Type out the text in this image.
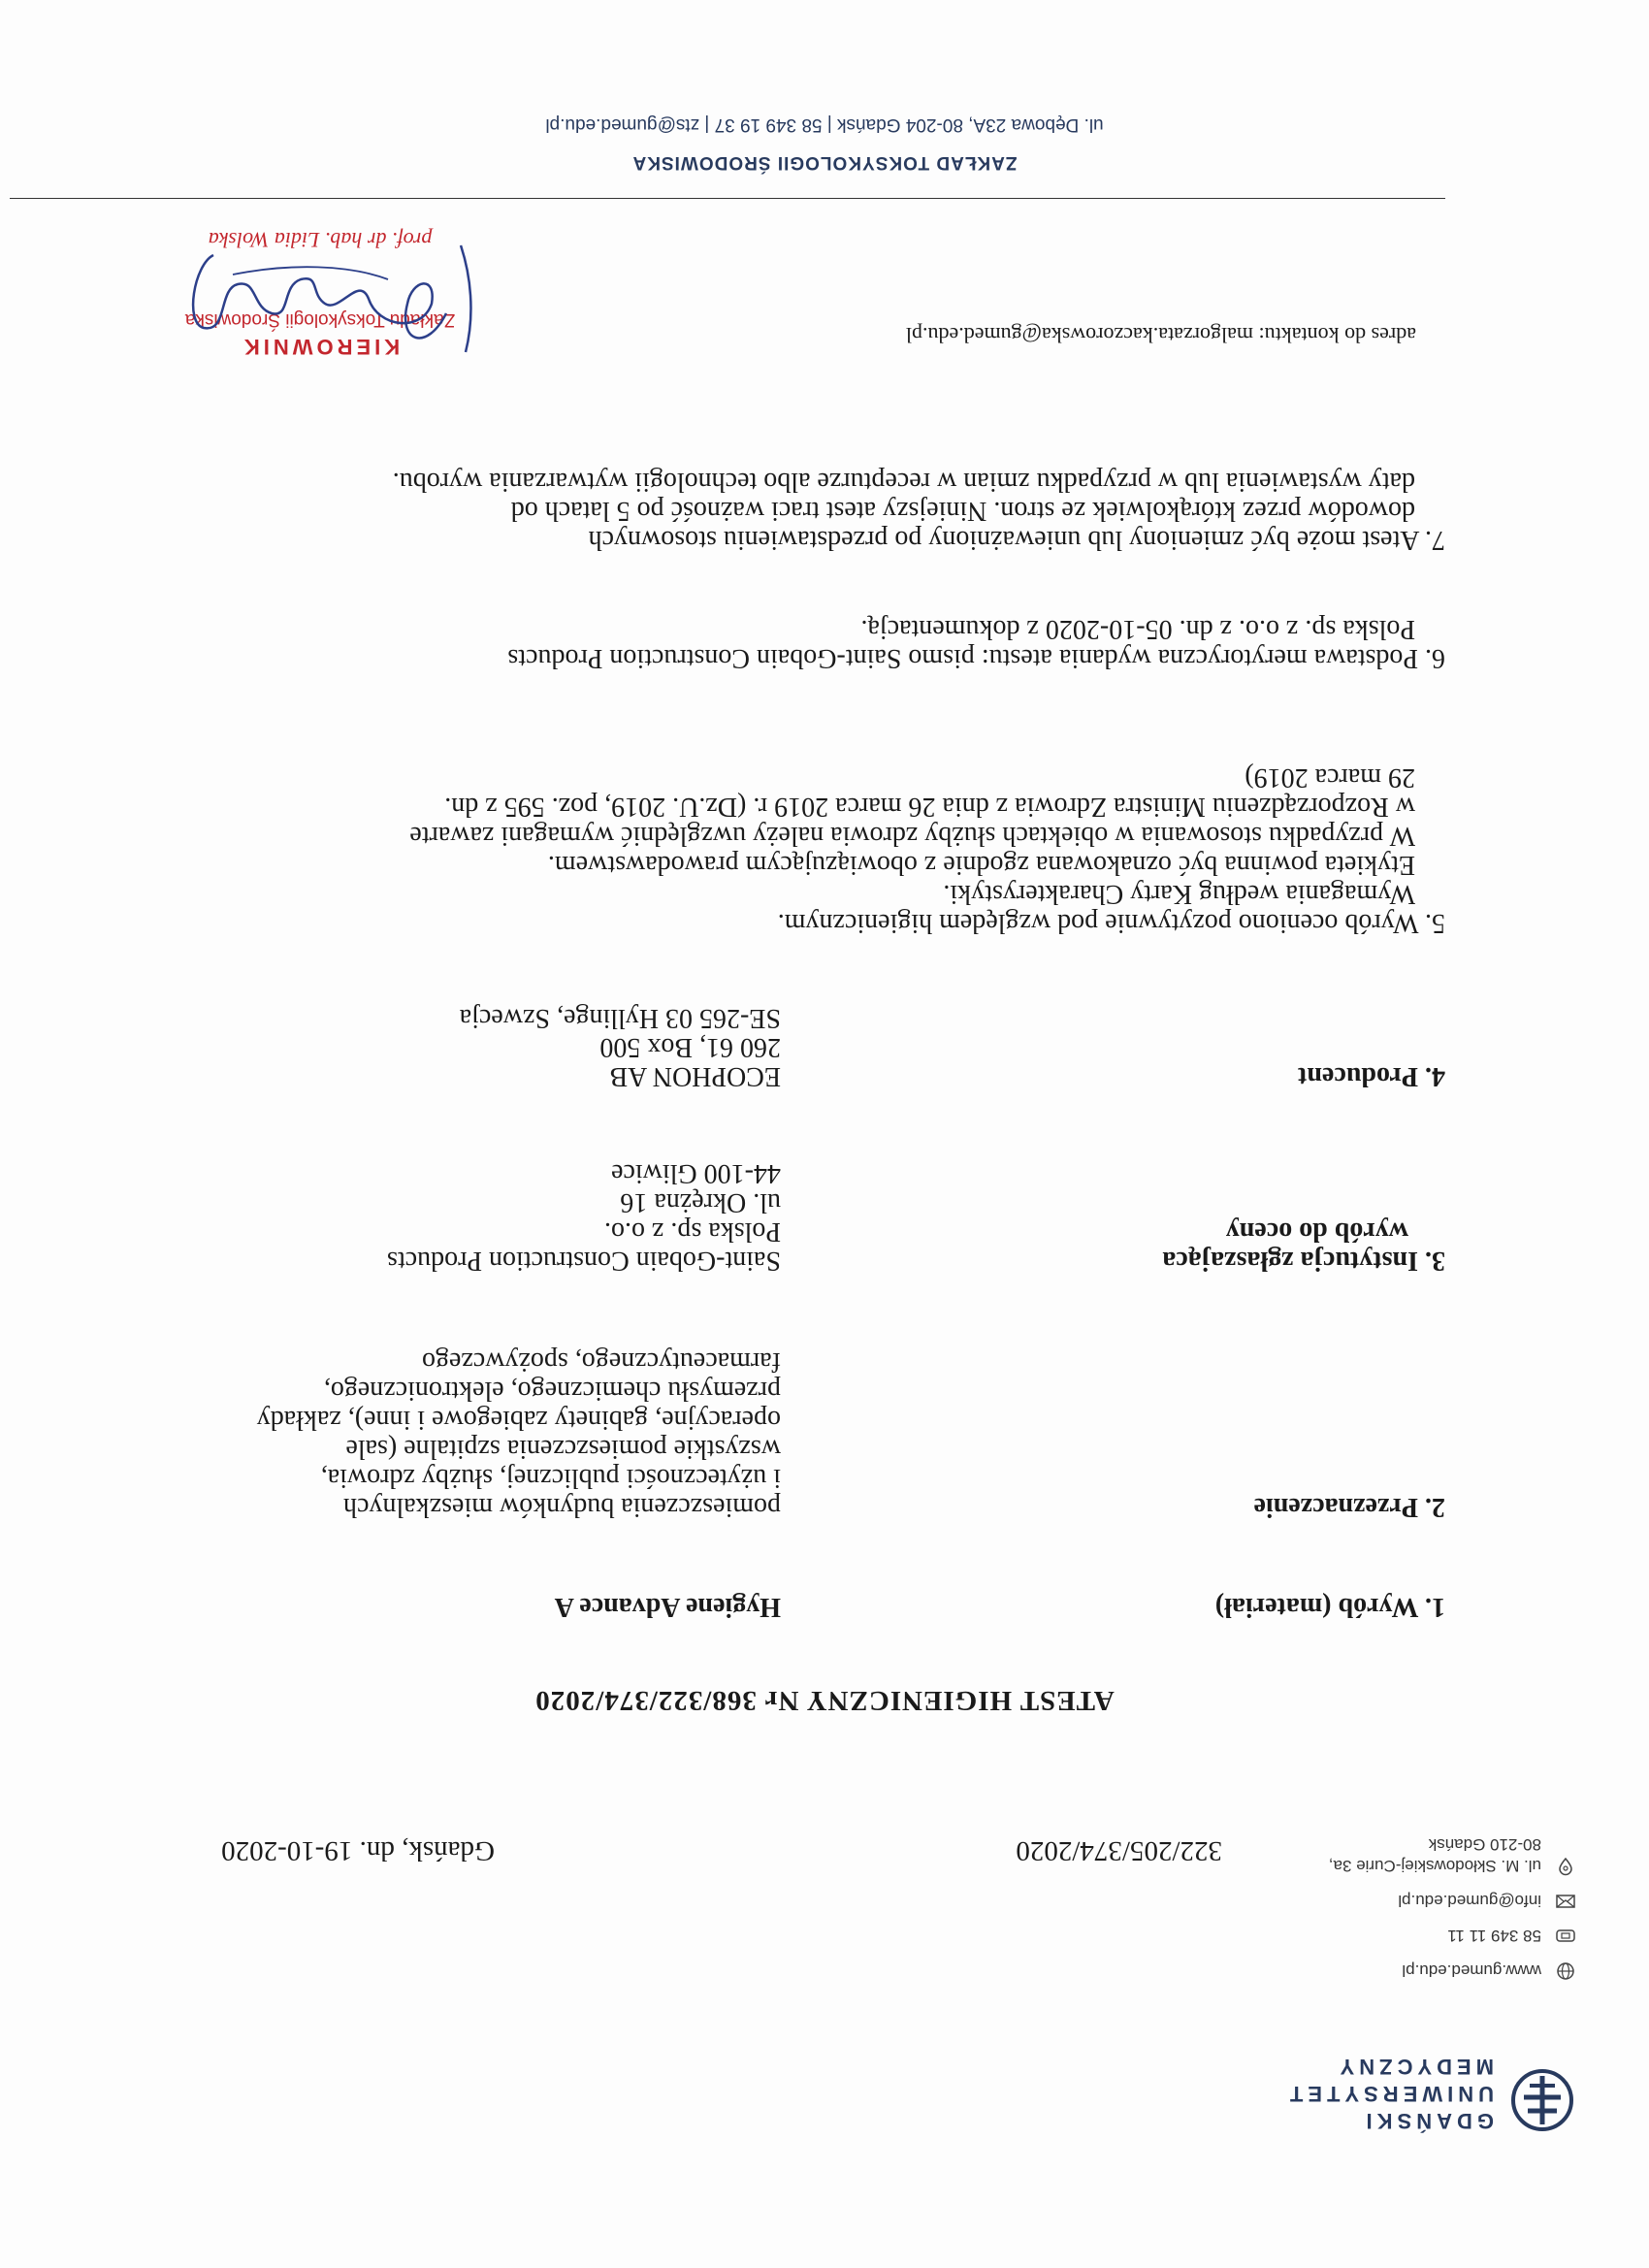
GDAŃSKI
UNIWERSYTET
MEDYCZNY
www.gumed.edu.pl
58 349 11 11
info@gumed.edu.pl
ul. M. Skłodowskiej-Curie 3a,
80-210 Gdańsk
322/205/374/2020
Gdańsk, dn. 19-10-2020
ATEST HIGIENICZNY Nr 368/322/374/2020
1. Wyrób (materiał)
Hygiene Advance A
2. Przeznaczenie
pomieszczenia budynków mieszkalnych
i użyteczności publicznej, służby zdrowia,
wszystkie pomieszczenia szpitalne (sale
operacyjne, gabinety zabiegowe i inne), zakłady
przemysłu chemicznego, elektronicznego,
farmaceutycznego, spożywczego
3. Instytucja zgłaszająca
wyrób do oceny
Saint-Gobain Construction Products
Polska sp. z o.o.
ul. Okrężna 16
44-100 Gliwice
4. Producent
ECOPHON AB
260 61, Box 500
SE-265 03 Hyllinge, Szwecja
5. Wyrób oceniono pozytywnie pod względem higienicznym.
Wymagania według Karty Charakterystyki.
Etykieta powinna być oznakowana zgodnie z obowiązującym prawodawstwem.
W przypadku stosowania w obiektach służby zdrowia należy uwzględnić wymagani zawarte
w Rozporządzeniu Ministra Zdrowia z dnia 26 marca 2019 r. (Dz.U. 2019, poz. 595 z dn.
29 marca 2019)
6. Podstawa merytoryczna wydania atestu: pismo Saint-Gobain Construction Products
Polska sp. z o.o. z dn. 05-10-2020 z dokumentacją.
7. Atest może być zmieniony lub unieważniony po przedstawieniu stosownych
dowodów przez którąkolwiek ze stron. Niniejszy atest traci ważność po 5 latach od
daty wystawienia lub w przypadku zmian w recepturze albo technologii wytwarzania wyrobu.
adres do kontaktu: malgorzata.kaczorowska@gumed.edu.pl
KIEROWNIK
Zakładu Toksykologii Środowiska
prof. dr hab. Lidia Wolska
ZAKŁAD TOKSYKOLOGII ŚRODOWISKA
ul. Dębowa 23A, 80-204 Gdańsk | 58 349 19 37 | zts@gumed.edu.pl
